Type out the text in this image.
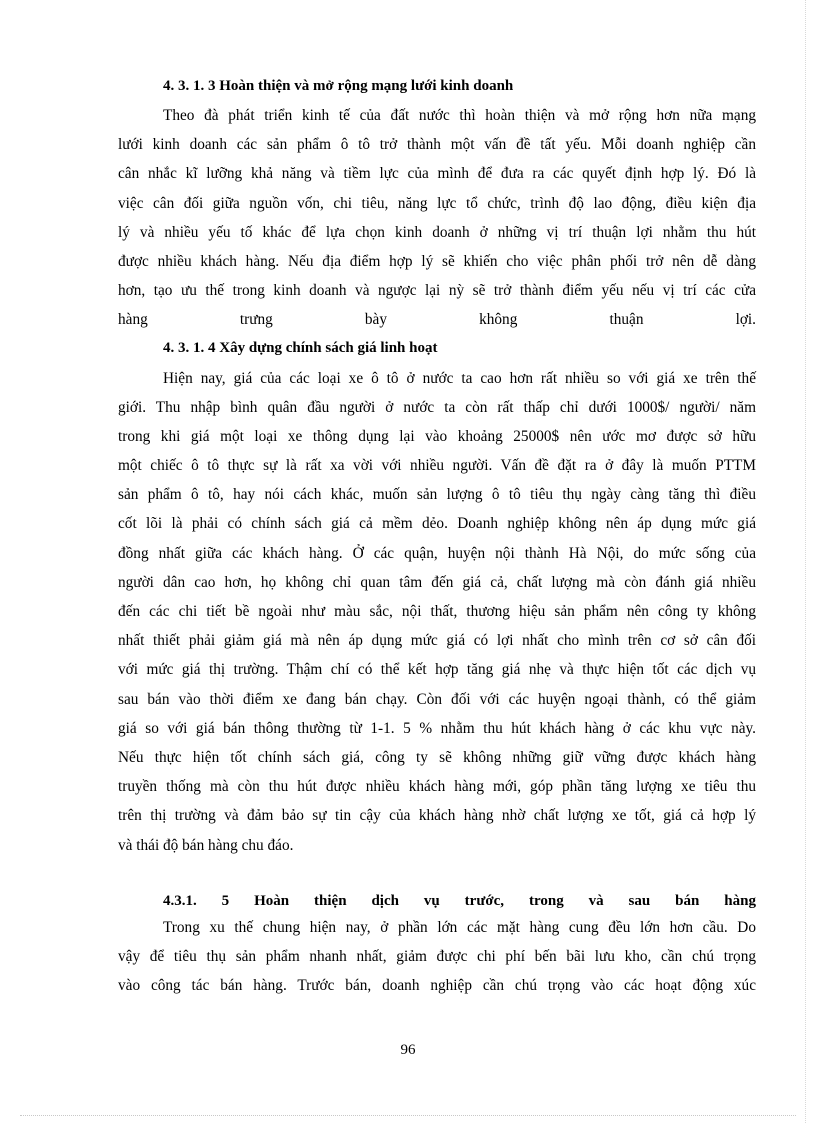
4. 3. 1. 3 Hoàn thiện và mở rộng mạng lưới kinh doanh
Theo đà phát triển kinh tế của đất nước thì hoàn thiện và mở rộng hơn nữa mạng
lưới kinh doanh các sản phẩm ô tô trở thành một vấn đề tất yếu. Mỗi doanh nghiệp cần
cân nhắc kĩ lưỡng khả năng và tiềm lực của mình để đưa ra các quyết định hợp lý. Đó là
việc cân đối giữa nguồn vốn, chi tiêu, năng lực tổ chức, trình độ lao động, điều kiện địa
lý và nhiều yếu tố khác để lựa chọn kinh doanh ở những vị trí thuận lợi nhằm thu hút
được nhiều khách hàng. Nếu địa điểm hợp lý sẽ khiến cho việc phân phối trở nên dễ dàng
hơn, tạo ưu thế trong kinh doanh và ngược lại nỳ sẽ trở thành điểm yếu nếu vị trí các cửa
hàng trưng bày không thuận lợi.
4. 3. 1. 4 Xây dựng chính sách giá linh hoạt
Hiện nay, giá của các loại xe ô tô ở nước ta cao hơn rất nhiều so với giá xe trên thế
giới. Thu nhập bình quân đầu người ở nước ta còn rất thấp chỉ dưới 1000$/ người/ năm
trong khi giá một loại xe thông dụng lại vào khoảng 25000$ nên ước mơ được sở hữu
một chiếc ô tô thực sự là rất xa vời với nhiều người. Vấn đề đặt ra ở đây là muốn PTTM
sản phẩm ô tô, hay nói cách khác, muốn sản lượng ô tô tiêu thụ ngày càng tăng thì điều
cốt lõi là phải có chính sách giá cả mềm dẻo. Doanh nghiệp không nên áp dụng mức giá
đồng nhất giữa các khách hàng. Ở các quận, huyện nội thành Hà Nội, do mức sống của
người dân cao hơn, họ không chỉ quan tâm đến giá cả, chất lượng mà còn đánh giá nhiều
đến các chi tiết bề ngoài như màu sắc, nội thất, thương hiệu sản phẩm nên công ty không
nhất thiết phải giảm giá mà nên áp dụng mức giá có lợi nhất cho mình trên cơ sở cân đối
với mức giá thị trường. Thậm chí có thể kết hợp tăng giá nhẹ và thực hiện tốt các dịch vụ
sau bán vào thời điểm xe đang bán chạy. Còn đối với các huyện ngoại thành, có thể giảm
giá so với giá bán thông thường từ 1-1. 5 % nhằm thu hút khách hàng ở các khu vực này.
Nếu thực hiện tốt chính sách giá, công ty sẽ không những giữ vững được khách hàng
truyền thống mà còn thu hút được nhiều khách hàng mới, góp phần tăng lượng xe tiêu thu
trên thị trường và đảm bảo sự tin cậy của khách hàng nhờ chất lượng xe tốt, giá cả hợp lý
và thái độ bán hàng chu đáo.
4.3.1. 5 Hoàn thiện dịch vụ trước, trong và sau bán hàng
Trong xu thế chung hiện nay, ở phần lớn các mặt hàng cung đều lớn hơn cầu. Do
vậy để tiêu thụ sản phẩm nhanh nhất, giảm được chi phí bến bãi lưu kho, cần chú trọng
vào công tác bán hàng. Trước bán, doanh nghiệp cần chú trọng vào các hoạt động xúc
96
